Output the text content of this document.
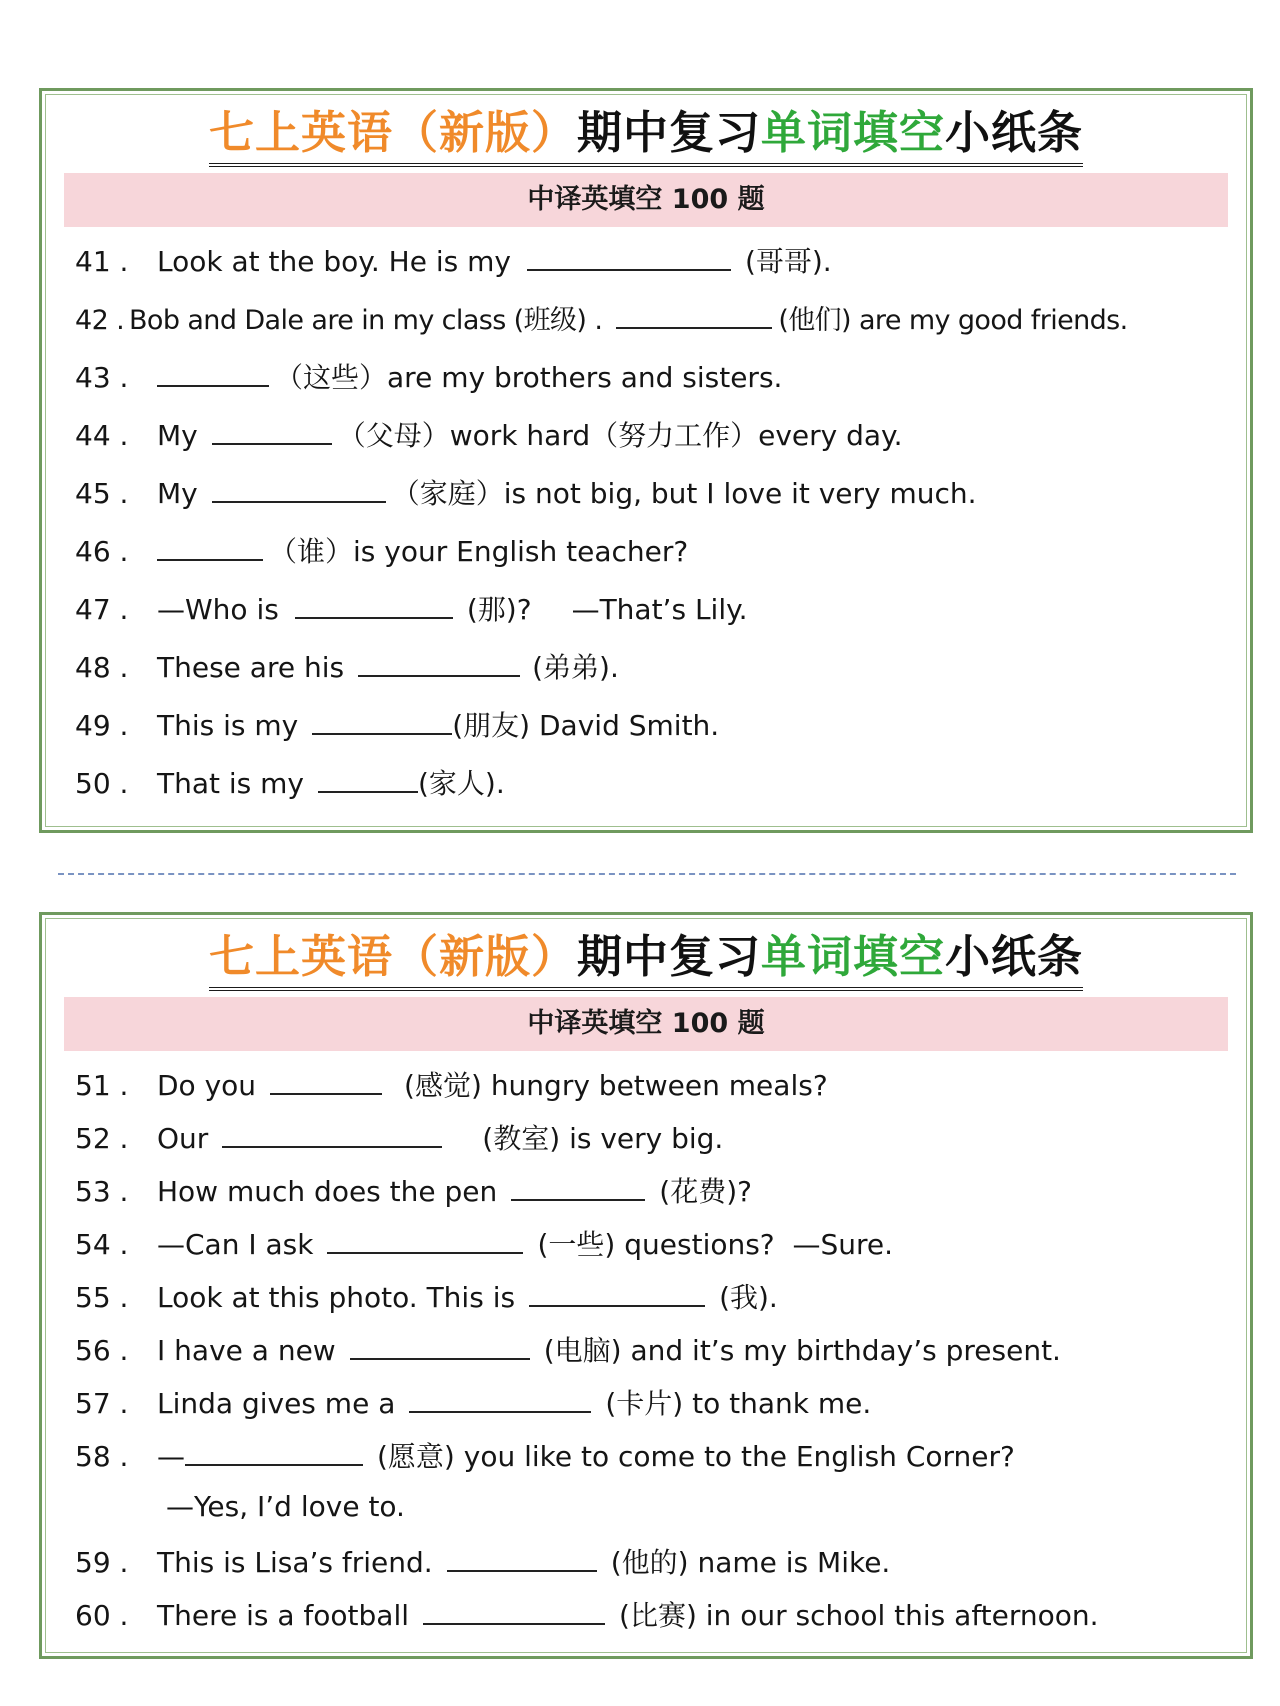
七上英语（新版）期中复习单词填空小纸条
中译英填空 100 题
41 . Look at the boy. He is my	(哥哥).
42 . Bob and Dale are in my class (班级) .	(他们) are my good friends.
43 .	（这些）are my brothers and sisters.
44 . My	（父母）work hard（努力工作）every day.
45 . My	（家庭）is not big, but I love it very much.
46 .	（谁）is your English teacher?
47 . —Who is	(那)? —That’s Lily.
48 . These are his	(弟弟).
49 . This is my	(朋友) David Smith.
50 . That is my	(家人).
七上英语（新版）期中复习单词填空小纸条
中译英填空 100 题
51 . Do you	(感觉) hungry between meals?
52 . Our	(教室) is very big.
53 . How much does the pen	(花费)?
54 . —Can I ask	(一些) questions?  —Sure.
55 . Look at this photo. This is	(我).
56 . I have a new	(电脑) and it’s my birthday’s present.
57 . Linda gives me a	(卡片) to thank me.
58 . —	(愿意) you like to come to the English Corner?
—Yes, I’d love to.
59 . This is Lisa’s friend.	(他的) name is Mike.
60 . There is a football	(比赛) in our school this afternoon.
